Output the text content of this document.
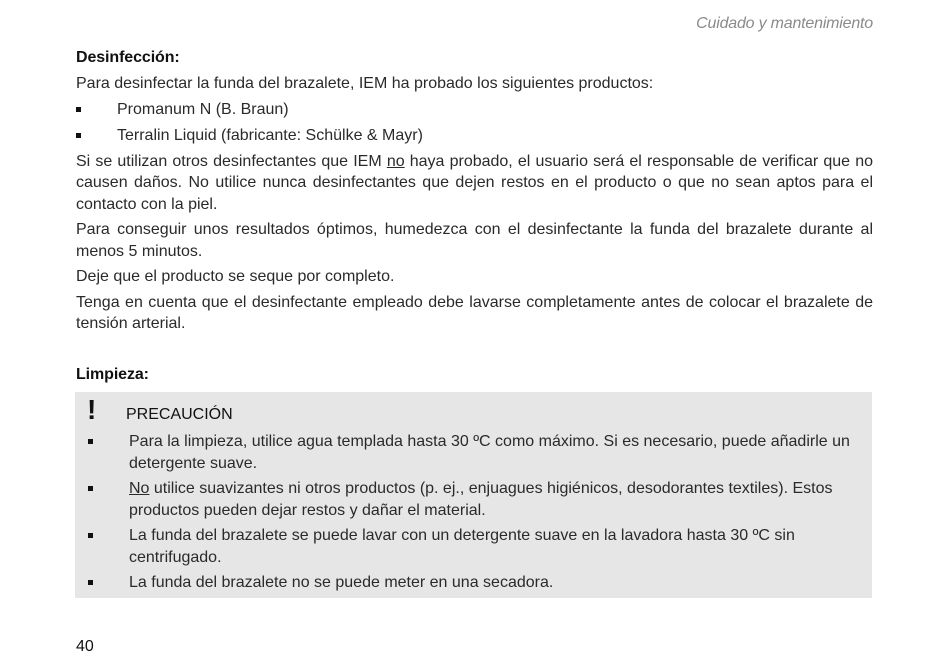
Cuidado y mantenimiento
Desinfección:

Para desinfectar la funda del brazalete, IEM ha probado los siguientes productos:

Promanum N (B. Braun)
Terralin Liquid (fabricante: Schülke & Mayr)

Si se utilizan otros desinfectantes que IEM no haya probado, el usuario será el responsable de verificar que no causen daños. No utilice nunca desinfectantes que dejen restos en el producto o que no sean aptos para el contacto con la piel.

Para conseguir unos resultados óptimos, humedezca con el desinfectante la funda del brazalete durante al menos 5 minutos.

Deje que el producto se seque por completo.

Tenga en cuenta que el desinfectante empleado debe lavarse completamente antes de colocar el brazalete de tensión arterial.

Limpieza:
! PRECAUCIÓN
Para la limpieza, utilice agua templada hasta 30 ºC como máximo. Si es necesario, puede añadirle un detergente suave.
No utilice suavizantes ni otros productos (p. ej., enjuagues higiénicos, desodorantes textiles). Estos productos pueden dejar restos y dañar el material.
La funda del brazalete se puede lavar con un detergente suave en la lavadora hasta 30 ºC sin centrifugado.
La funda del brazalete no se puede meter en una secadora.
40
